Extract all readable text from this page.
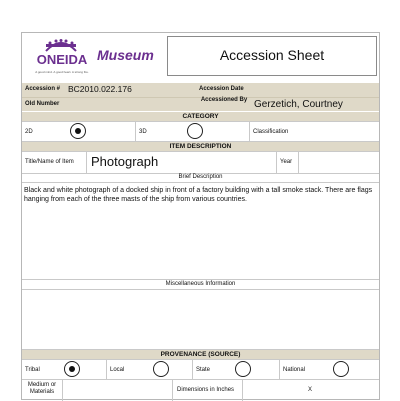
ONEIDA
A good mind. A good heart. A strong fire.
Museum	Accession Sheet
Accession # BC2010.022.176	Accession Date
Old Number
Accessioned By Gerzetich, Courtney
CATEGORY
2D	3D	Classification
ITEM DESCRIPTION
Title/Name of Item Photograph	Year
Brief Description
Black and white photograph of a docked ship in front of a factory building with a tall smoke stack. There are flags hanging from each of the three masts of the ship from various countries.
Miscellaneous Information
PROVENANCE (SOURCE)
Tribal	Local	State	National
Medium or Materials	Dimensions in Inches	X
